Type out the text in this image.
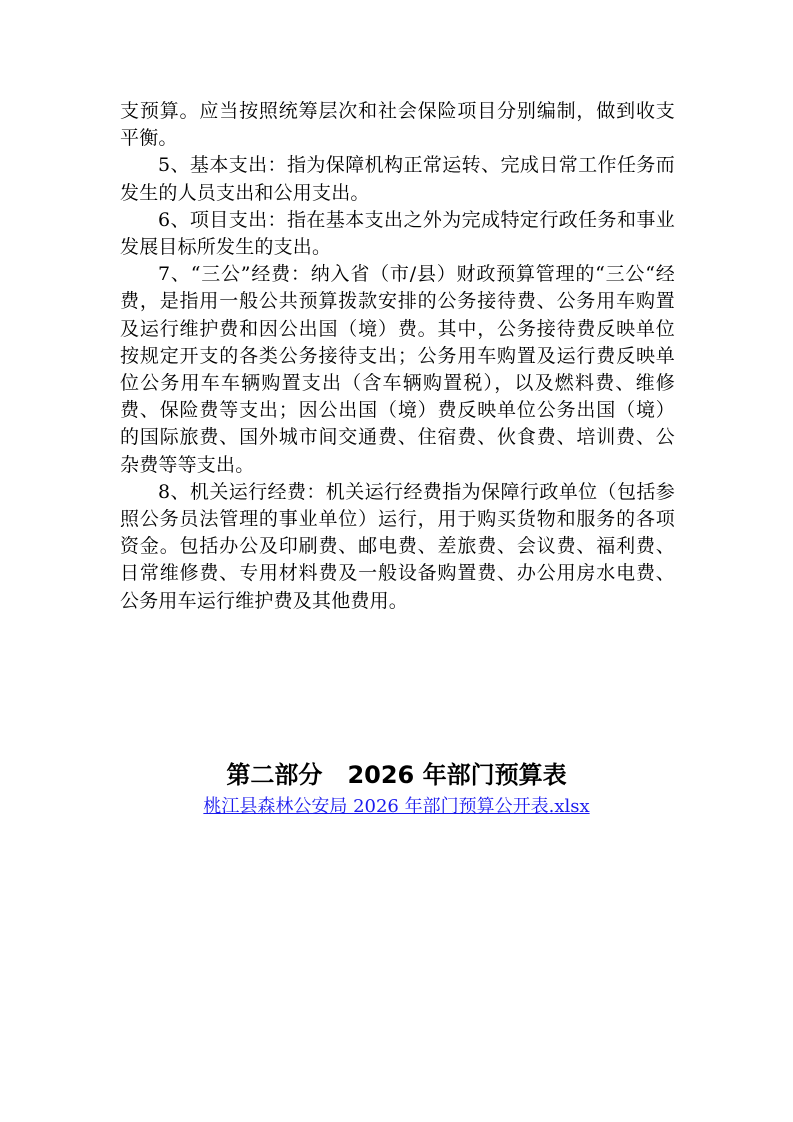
支预算。应当按照统筹层次和社会保险项目分别编制，做到收支平衡。

5、基本支出：指为保障机构正常运转、完成日常工作任务而发生的人员支出和公用支出。

6、项目支出：指在基本支出之外为完成特定行政任务和事业发展目标所发生的支出。

7、“三公”经费：纳入省（市/县）财政预算管理的“三公“经费，是指用一般公共预算拨款安排的公务接待费、公务用车购置及运行维护费和因公出国（境）费。其中，公务接待费反映单位按规定开支的各类公务接待支出；公务用车购置及运行费反映单位公务用车车辆购置支出（含车辆购置税），以及燃料费、维修费、保险费等支出；因公出国（境）费反映单位公务出国（境）的国际旅费、国外城市间交通费、住宿费、伙食费、培训费、公杂费等等支出。

8、机关运行经费：机关运行经费指为保障行政单位（包括参照公务员法管理的事业单位）运行，用于购买货物和服务的各项资金。包括办公及印刷费、邮电费、差旅费、会议费、福利费、日常维修费、专用材料费及一般设备购置费、办公用房水电费、公务用车运行维护费及其他费用。

第二部分   2026 年部门预算表
桃江县森林公安局 2026 年部门预算公开表.xlsx
